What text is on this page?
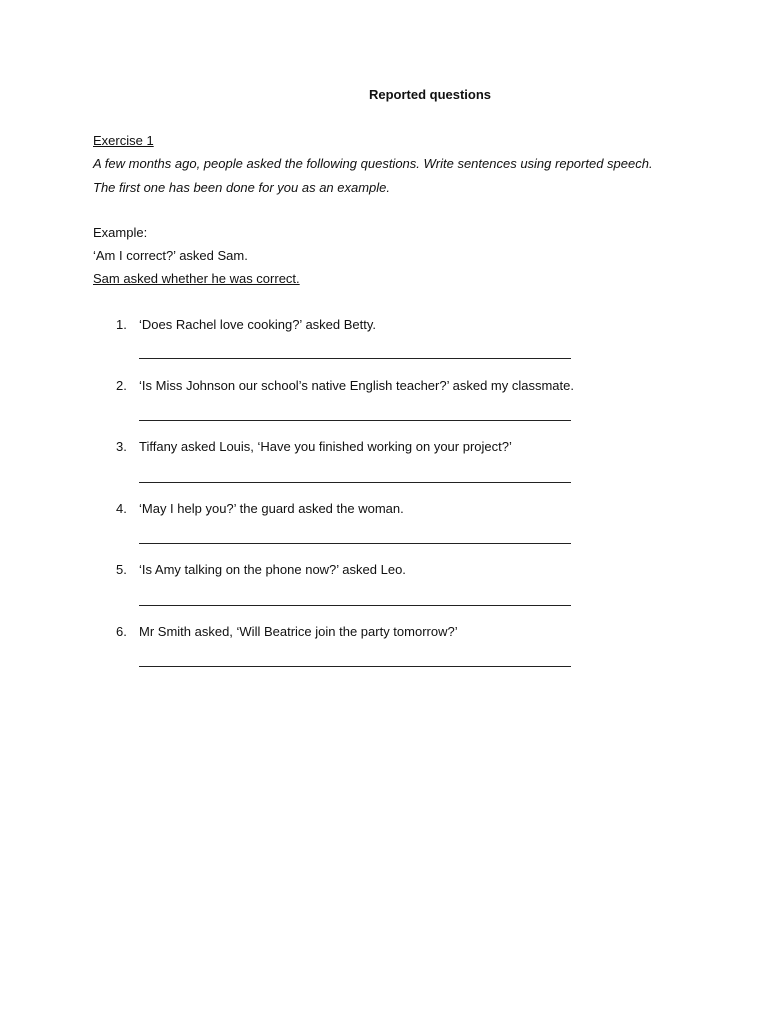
Reported questions
Exercise 1
A few months ago, people asked the following questions. Write sentences using reported speech.
The first one has been done for you as an example.
Example:
‘Am I correct?’ asked Sam.
Sam asked whether he was correct.
1. ‘Does Rachel love cooking?’ asked Betty.
2. ‘Is Miss Johnson our school’s native English teacher?’ asked my classmate.
3. Tiffany asked Louis, ‘Have you finished working on your project?’
4. ‘May I help you?’ the guard asked the woman.
5. ‘Is Amy talking on the phone now?’ asked Leo.
6. Mr Smith asked, ‘Will Beatrice join the party tomorrow?’
